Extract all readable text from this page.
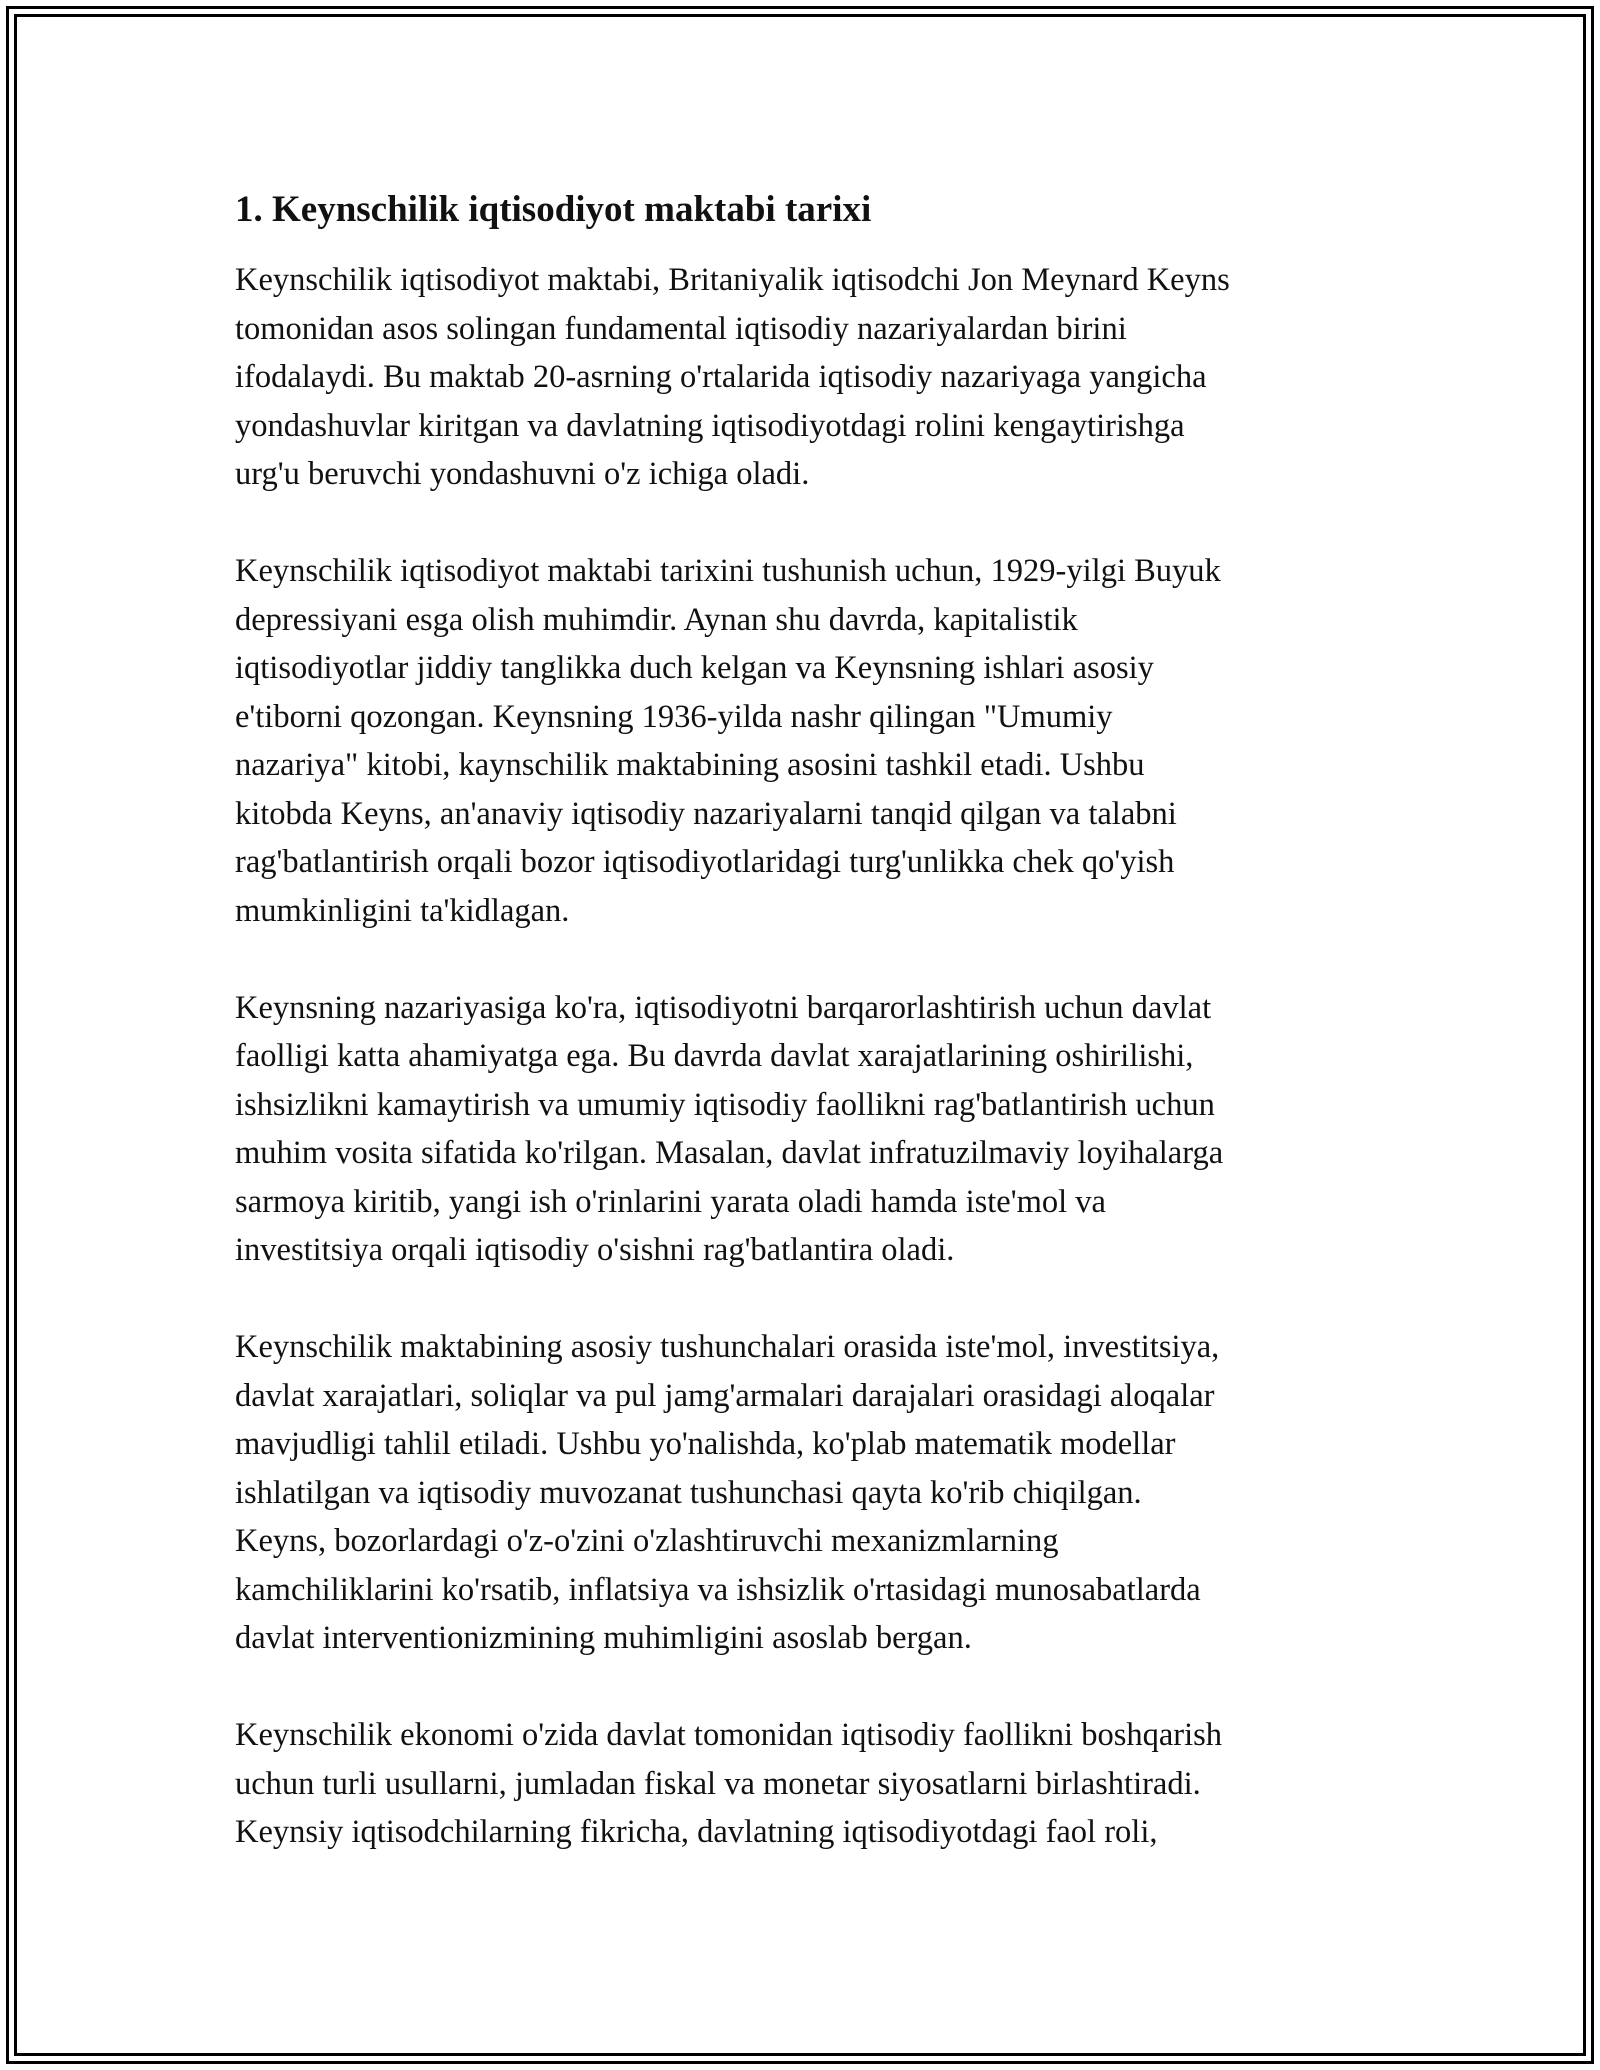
1. Keynschilik iqtisodiyot maktabi tarixi

Keynschilik iqtisodiyot maktabi, Britaniyalik iqtisodchi Jon Meynard Keyns
tomonidan asos solingan fundamental iqtisodiy nazariyalardan birini
ifodalaydi. Bu maktab 20-asrning o'rtalarida iqtisodiy nazariyaga yangicha
yondashuvlar kiritgan va davlatning iqtisodiyotdagi rolini kengaytirishga
urg'u beruvchi yondashuvni o'z ichiga oladi.

Keynschilik iqtisodiyot maktabi tarixini tushunish uchun, 1929-yilgi Buyuk
depressiyani esga olish muhimdir. Aynan shu davrda, kapitalistik
iqtisodiyotlar jiddiy tanglikka duch kelgan va Keynsning ishlari asosiy
e'tiborni qozongan. Keynsning 1936-yilda nashr qilingan "Umumiy
nazariya" kitobi, kaynschilik maktabining asosini tashkil etadi. Ushbu
kitobda Keyns, an'anaviy iqtisodiy nazariyalarni tanqid qilgan va talabni
rag'batlantirish orqali bozor iqtisodiyotlaridagi turg'unlikka chek qo'yish
mumkinligini ta'kidlagan.

Keynsning nazariyasiga ko'ra, iqtisodiyotni barqarorlashtirish uchun davlat
faolligi katta ahamiyatga ega. Bu davrda davlat xarajatlarining oshirilishi,
ishsizlikni kamaytirish va umumiy iqtisodiy faollikni rag'batlantirish uchun
muhim vosita sifatida ko'rilgan. Masalan, davlat infratuzilmaviy loyihalarga
sarmoya kiritib, yangi ish o'rinlarini yarata oladi hamda iste'mol va
investitsiya orqali iqtisodiy o'sishni rag'batlantira oladi.

Keynschilik maktabining asosiy tushunchalari orasida iste'mol, investitsiya,
davlat xarajatlari, soliqlar va pul jamg'armalari darajalari orasidagi aloqalar
mavjudligi tahlil etiladi. Ushbu yo'nalishda, ko'plab matematik modellar
ishlatilgan va iqtisodiy muvozanat tushunchasi qayta ko'rib chiqilgan.
Keyns, bozorlardagi o'z-o'zini o'zlashtiruvchi mexanizmlarning
kamchiliklarini ko'rsatib, inflatsiya va ishsizlik o'rtasidagi munosabatlarda
davlat interventionizmining muhimligini asoslab bergan.

Keynschilik ekonomi o'zida davlat tomonidan iqtisodiy faollikni boshqarish
uchun turli usullarni, jumladan fiskal va monetar siyosatlarni birlashtiradi.
Keynsiy iqtisodchilarning fikricha, davlatning iqtisodiyotdagi faol roli,
